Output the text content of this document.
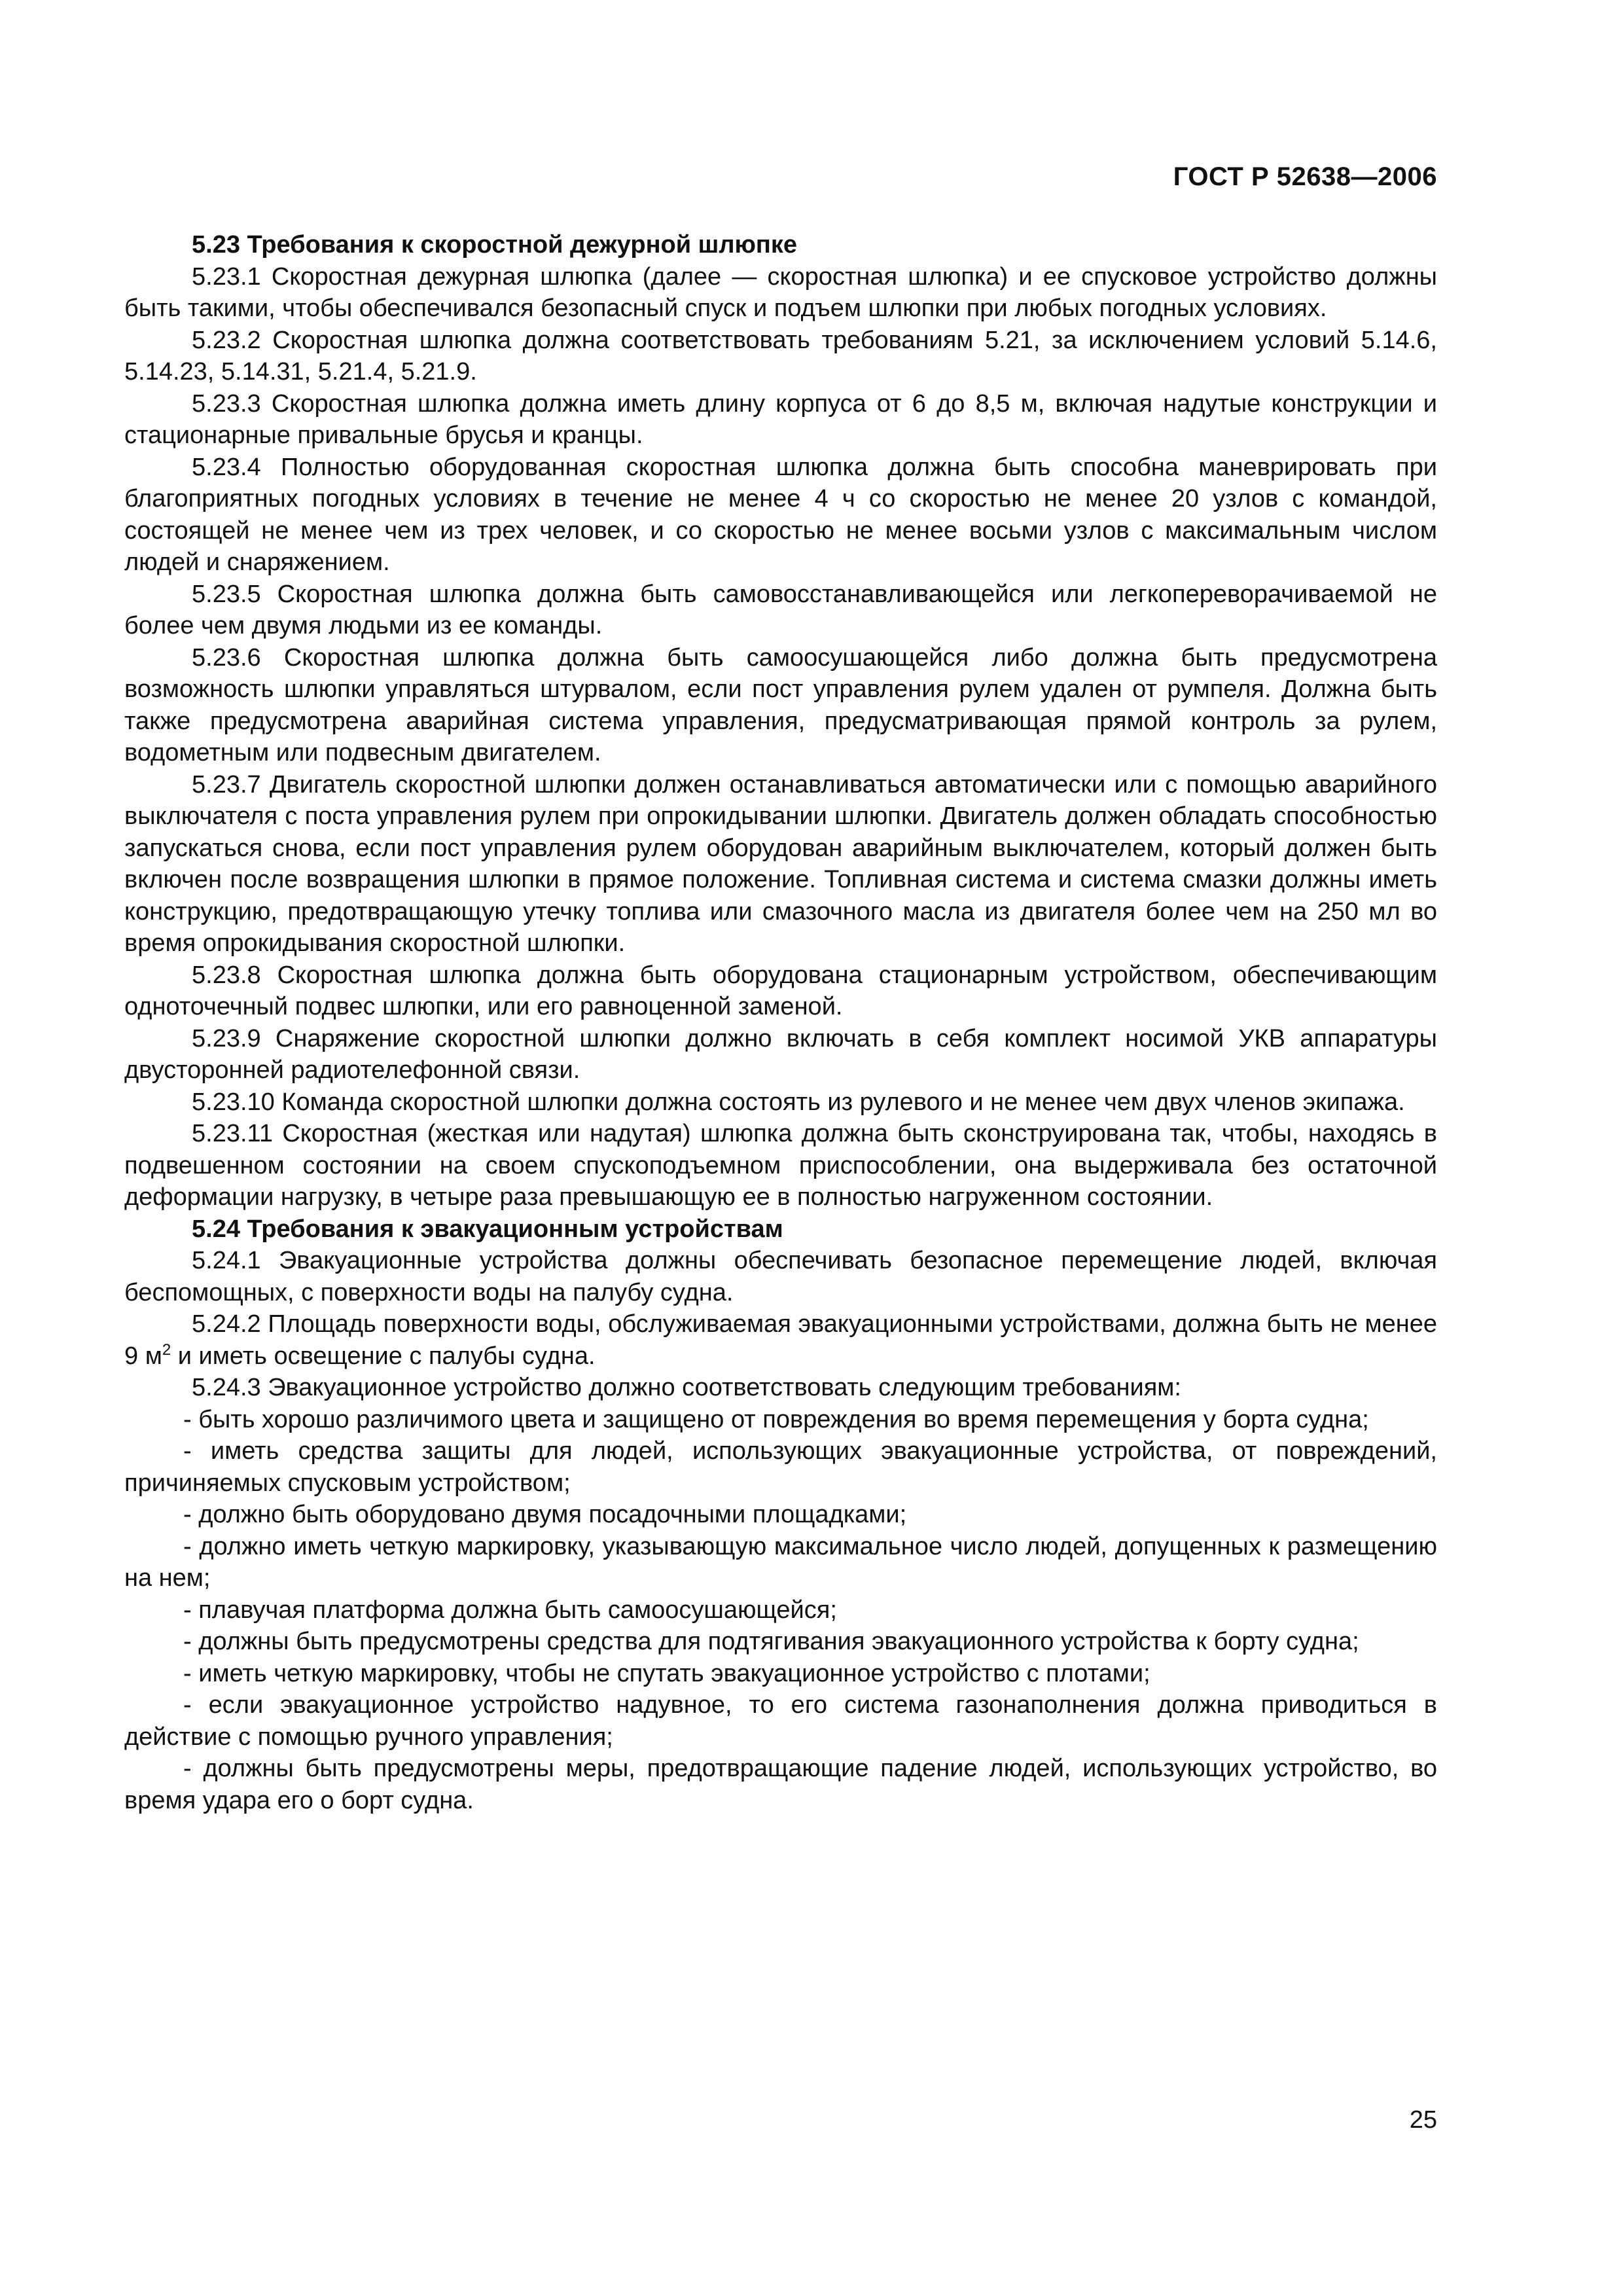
ГОСТ Р 52638—2006

5.23 Требования к скоростной дежурной шлюпке

5.23.1 Скоростная дежурная шлюпка (далее — скоростная шлюпка) и ее спусковое устройство должны быть такими, чтобы обеспечивался безопасный спуск и подъем шлюпки при любых погодных условиях.

5.23.2 Скоростная шлюпка должна соответствовать требованиям 5.21, за исключением условий 5.14.6, 5.14.23, 5.14.31, 5.21.4, 5.21.9.

5.23.3 Скоростная шлюпка должна иметь длину корпуса от 6 до 8,5 м, включая надутые конструкции и стационарные привальные брусья и кранцы.

5.23.4 Полностью оборудованная скоростная шлюпка должна быть способна маневрировать при благоприятных погодных условиях в течение не менее 4 ч со скоростью не менее 20 узлов с командой, состоящей не менее чем из трех человек, и со скоростью не менее восьми узлов с максимальным числом людей и снаряжением.

5.23.5 Скоростная шлюпка должна быть самовосстанавливающейся или легкопереворачиваемой не более чем двумя людьми из ее команды.

5.23.6 Скоростная шлюпка должна быть самоосушающейся либо должна быть предусмотрена возможность шлюпки управляться штурвалом, если пост управления рулем удален от румпеля. Должна быть также предусмотрена аварийная система управления, предусматривающая прямой контроль за рулем, водометным или подвесным двигателем.

5.23.7 Двигатель скоростной шлюпки должен останавливаться автоматически или с помощью аварийного выключателя с поста управления рулем при опрокидывании шлюпки. Двигатель должен обладать способностью запускаться снова, если пост управления рулем оборудован аварийным выключателем, который должен быть включен после возвращения шлюпки в прямое положение. Топливная система и система смазки должны иметь конструкцию, предотвращающую утечку топлива или смазочного масла из двигателя более чем на 250 мл во время опрокидывания скоростной шлюпки.

5.23.8 Скоростная шлюпка должна быть оборудована стационарным устройством, обеспечивающим одноточечный подвес шлюпки, или его равноценной заменой.

5.23.9 Снаряжение скоростной шлюпки должно включать в себя комплект носимой УКВ аппаратуры двусторонней радиотелефонной связи.

5.23.10 Команда скоростной шлюпки должна состоять из рулевого и не менее чем двух членов экипажа.

5.23.11 Скоростная (жесткая или надутая) шлюпка должна быть сконструирована так, чтобы, находясь в подвешенном состоянии на своем спускоподъемном приспособлении, она выдерживала без остаточной деформации нагрузку, в четыре раза превышающую ее в полностью нагруженном состоянии.

5.24 Требования к эвакуационным устройствам

5.24.1 Эвакуационные устройства должны обеспечивать безопасное перемещение людей, включая беспомощных, с поверхности воды на палубу судна.

5.24.2 Площадь поверхности воды, обслуживаемая эвакуационными устройствами, должна быть не менее 9 $м^2$ и иметь освещение с палубы судна.

5.24.3 Эвакуационное устройство должно соответствовать следующим требованиям:

- быть хорошо различимого цвета и защищено от повреждения во время перемещения у борта судна;

- иметь средства защиты для людей, использующих эвакуационные устройства, от повреждений, причиняемых спусковым устройством;

- должно быть оборудовано двумя посадочными площадками;

- должно иметь четкую маркировку, указывающую максимальное число людей, допущенных к размещению на нем;

- плавучая платформа должна быть самоосушающейся;

- должны быть предусмотрены средства для подтягивания эвакуационного устройства к борту судна;

- иметь четкую маркировку, чтобы не спутать эвакуационное устройство с плотами;

- если эвакуационное устройство надувное, то его система газонаполнения должна приводиться в действие с помощью ручного управления;

- должны быть предусмотрены меры, предотвращающие падение людей, использующих устройство, во время удара его о борт судна.

25
